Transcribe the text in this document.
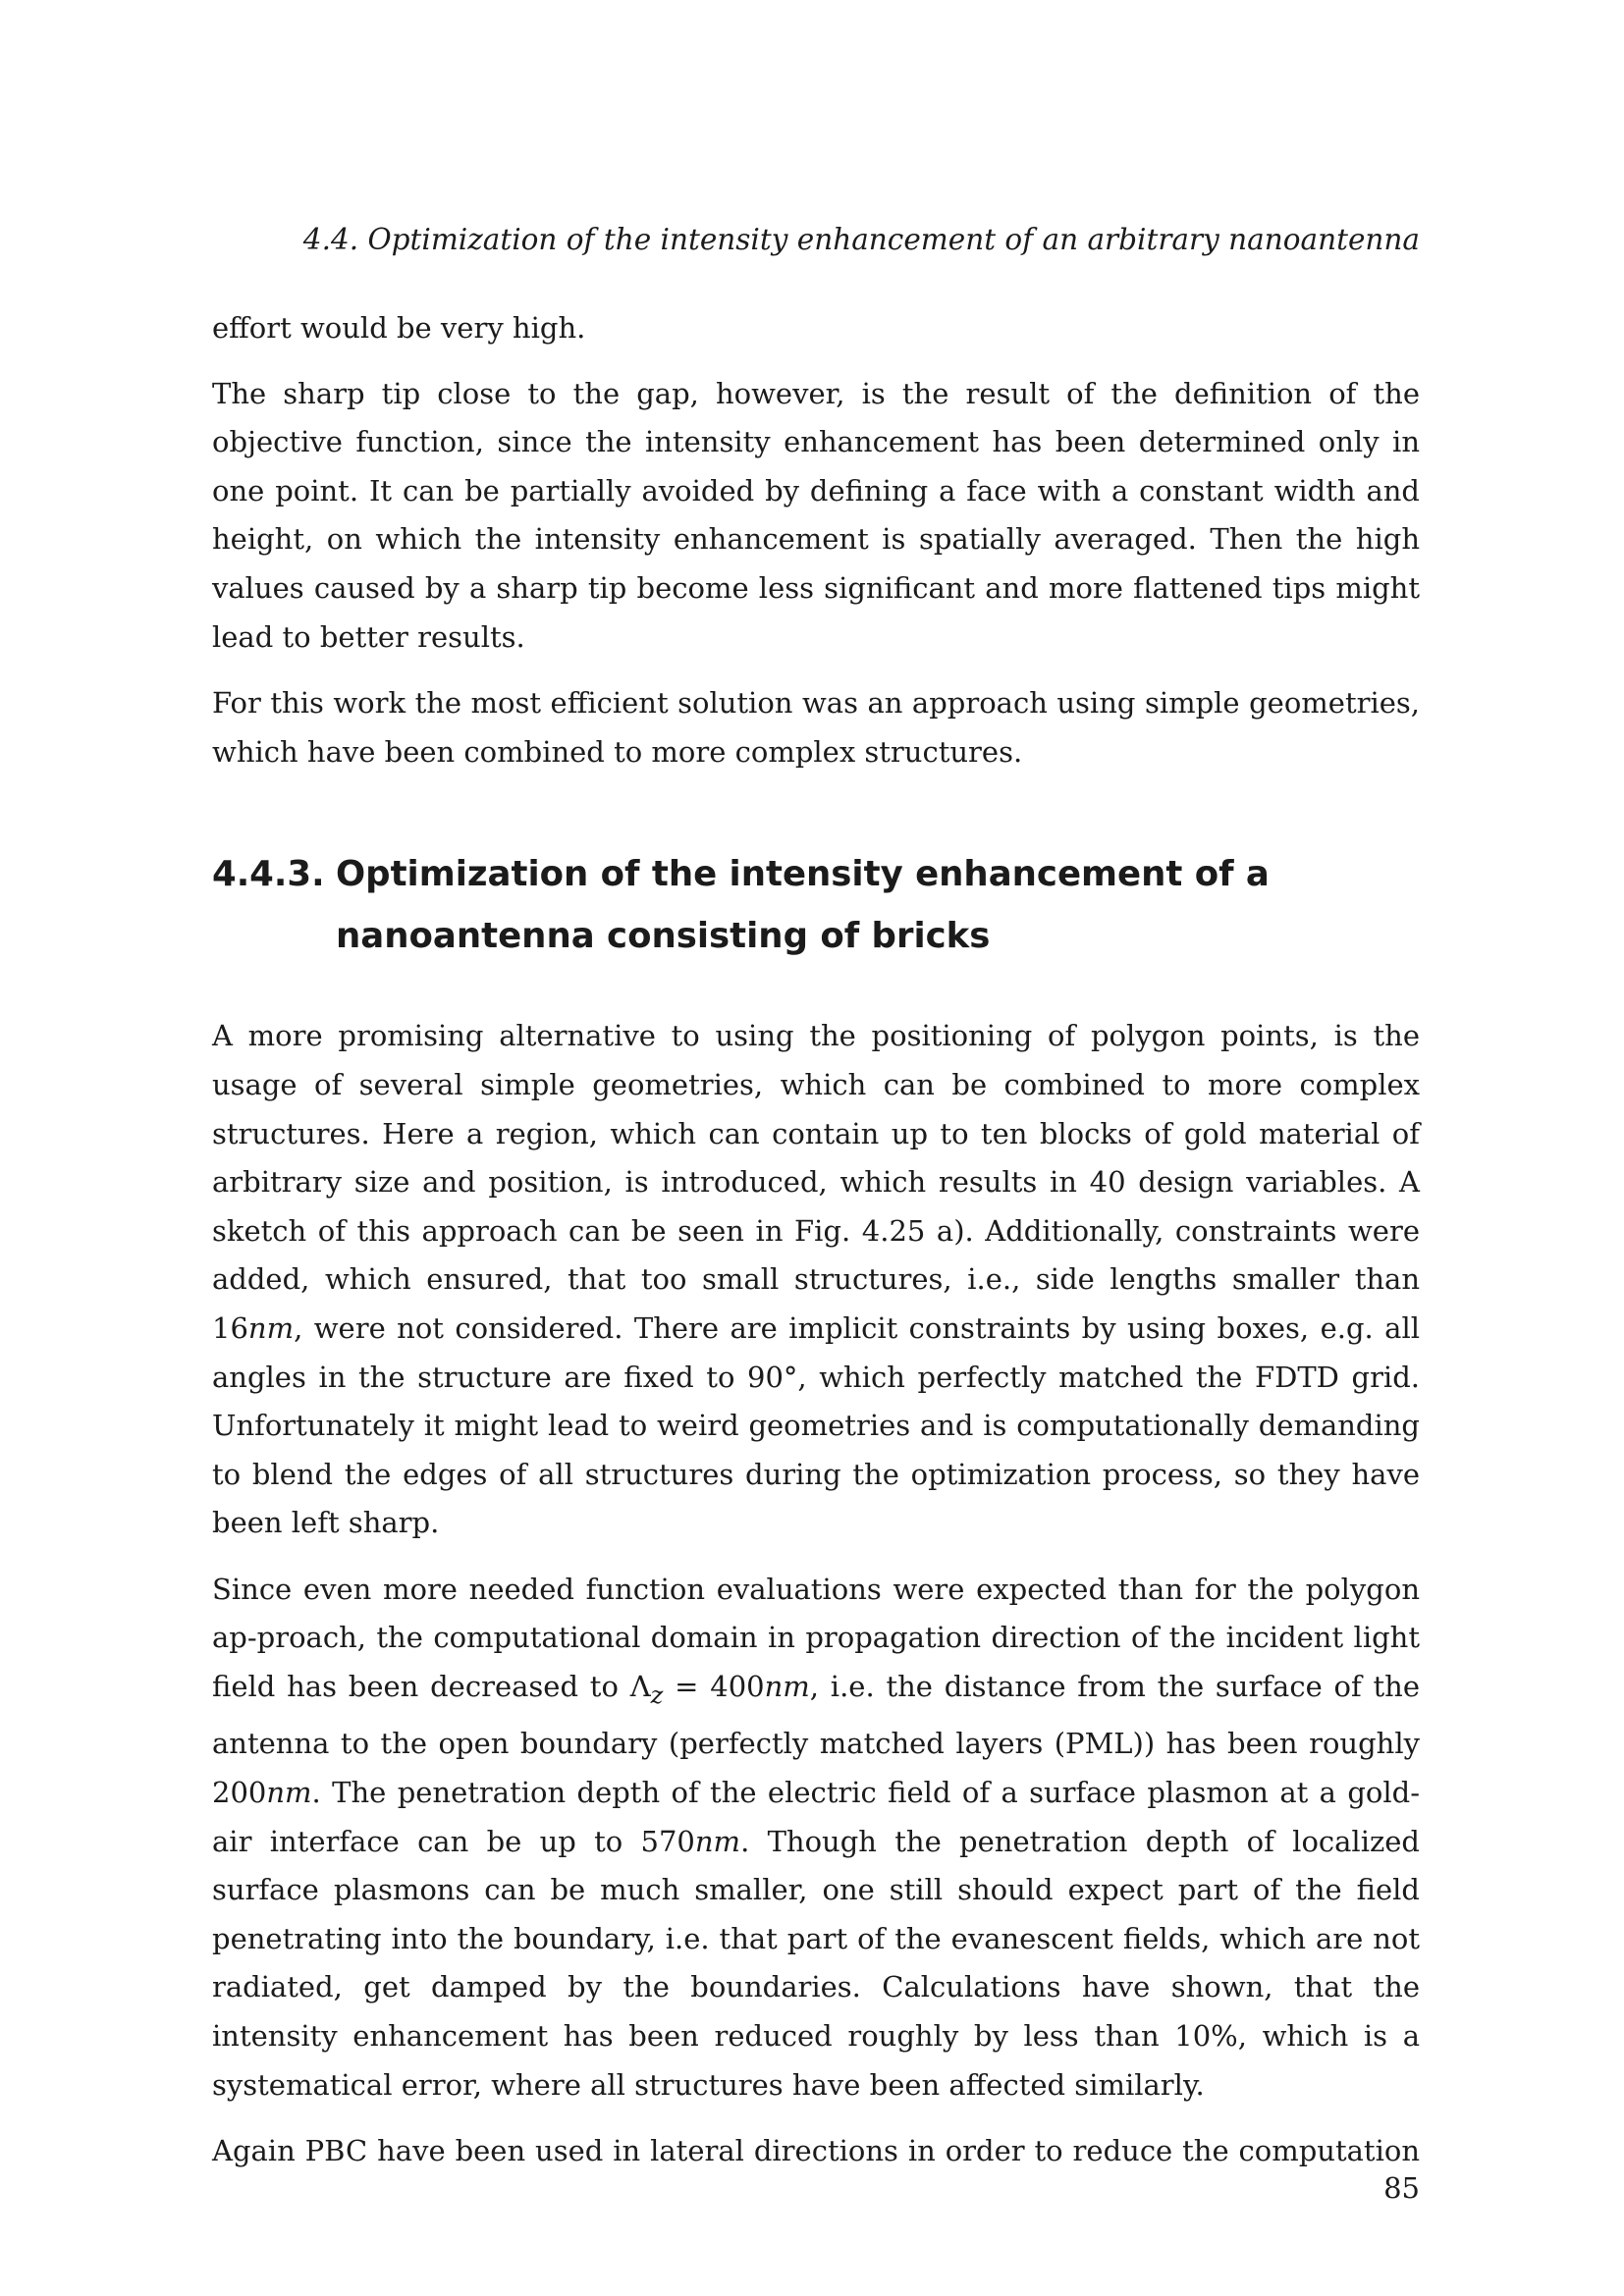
4.4. Optimization of the intensity enhancement of an arbitrary nanoantenna

effort would be very high.

The sharp tip close to the gap, however, is the result of the definition of the objective function, since the intensity enhancement has been determined only in one point. It can be partially avoided by defining a face with a constant width and height, on which the intensity enhancement is spatially averaged. Then the high values caused by a sharp tip become less significant and more flattened tips might lead to better results.

For this work the most efficient solution was an approach using simple geometries, which have been combined to more complex structures.

4.4.3. Optimization of the intensity enhancement of a nanoantenna consisting of bricks

A more promising alternative to using the positioning of polygon points, is the usage of several simple geometries, which can be combined to more complex structures. Here a region, which can contain up to ten blocks of gold material of arbitrary size and position, is introduced, which results in 40 design variables. A sketch of this approach can be seen in Fig. 4.25 a). Additionally, constraints were added, which ensured, that too small structures, i.e., side lengths smaller than 16nm, were not considered. There are implicit constraints by using boxes, e.g. all angles in the structure are fixed to 90°, which perfectly matched the FDTD grid. Unfortunately it might lead to weird geometries and is computationally demanding to blend the edges of all structures during the optimization process, so they have been left sharp.

Since even more needed function evaluations were expected than for the polygon ap-proach, the computational domain in propagation direction of the incident light field has been decreased to $\Lambda_z = 400nm$, i.e. the distance from the surface of the antenna to the open boundary (perfectly matched layers (PML)) has been roughly 200nm. The penetration depth of the electric field of a surface plasmon at a gold-air interface can be up to 570nm. Though the penetration depth of localized surface plasmons can be much smaller, one still should expect part of the field penetrating into the boundary, i.e. that part of the evanescent fields, which are not radiated, get damped by the boundaries. Calculations have shown, that the intensity enhancement has been reduced roughly by less than 10%, which is a systematical error, where all structures have been affected similarly.

Again PBC have been used in lateral directions in order to reduce the computation

85
